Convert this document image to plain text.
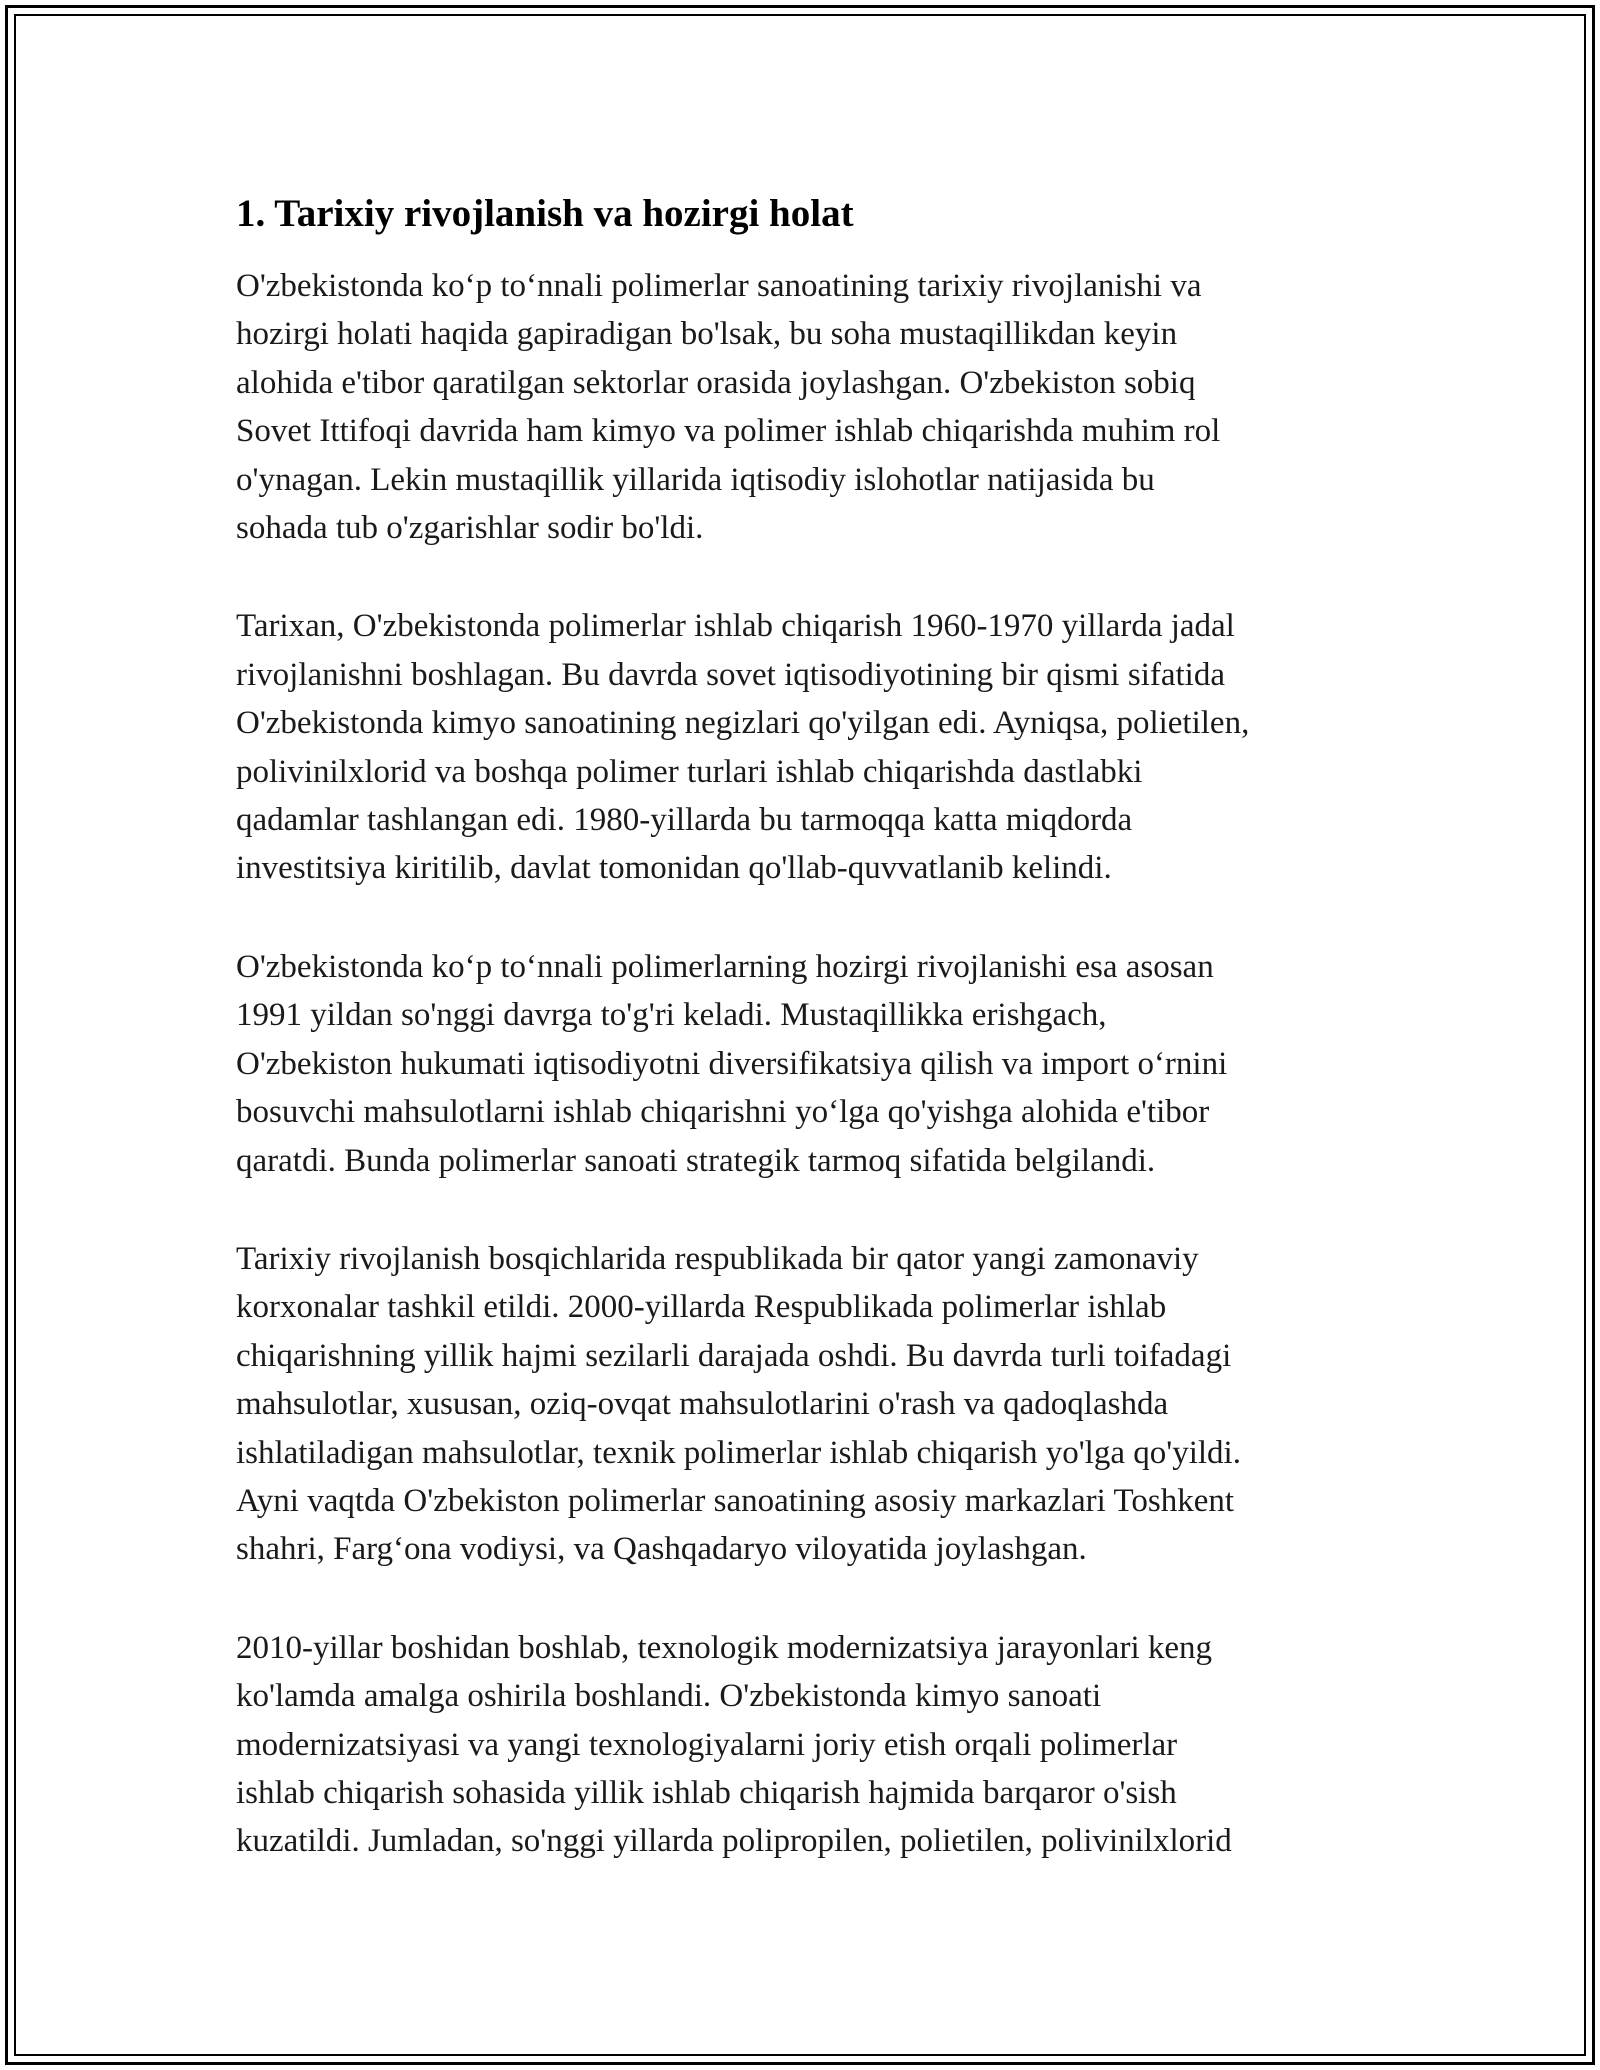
1. Tarixiy rivojlanish va hozirgi holat

O'zbekistonda ko‘p to‘nnali polimerlar sanoatining tarixiy rivojlanishi va
hozirgi holati haqida gapiradigan bo'lsak, bu soha mustaqillikdan keyin
alohida e'tibor qaratilgan sektorlar orasida joylashgan. O'zbekiston sobiq
Sovet Ittifoqi davrida ham kimyo va polimer ishlab chiqarishda muhim rol
o'ynagan. Lekin mustaqillik yillarida iqtisodiy islohotlar natijasida bu
sohada tub o'zgarishlar sodir bo'ldi.

Tarixan, O'zbekistonda polimerlar ishlab chiqarish 1960-1970 yillarda jadal
rivojlanishni boshlagan. Bu davrda sovet iqtisodiyotining bir qismi sifatida
O'zbekistonda kimyo sanoatining negizlari qo'yilgan edi. Ayniqsa, polietilen,
polivinilxlorid va boshqa polimer turlari ishlab chiqarishda dastlabki
qadamlar tashlangan edi. 1980-yillarda bu tarmoqqa katta miqdorda
investitsiya kiritilib, davlat tomonidan qo'llab-quvvatlanib kelindi.

O'zbekistonda ko‘p to‘nnali polimerlarning hozirgi rivojlanishi esa asosan
1991 yildan so'nggi davrga to'g'ri keladi. Mustaqillikka erishgach,
O'zbekiston hukumati iqtisodiyotni diversifikatsiya qilish va import o‘rnini
bosuvchi mahsulotlarni ishlab chiqarishni yo‘lga qo'yishga alohida e'tibor
qaratdi. Bunda polimerlar sanoati strategik tarmoq sifatida belgilandi.

Tarixiy rivojlanish bosqichlarida respublikada bir qator yangi zamonaviy
korxonalar tashkil etildi. 2000-yillarda Respublikada polimerlar ishlab
chiqarishning yillik hajmi sezilarli darajada oshdi. Bu davrda turli toifadagi
mahsulotlar, xususan, oziq-ovqat mahsulotlarini o'rash va qadoqlashda
ishlatiladigan mahsulotlar, texnik polimerlar ishlab chiqarish yo'lga qo'yildi.
Ayni vaqtda O'zbekiston polimerlar sanoatining asosiy markazlari Toshkent
shahri, Farg‘ona vodiysi, va Qashqadaryo viloyatida joylashgan.

2010-yillar boshidan boshlab, texnologik modernizatsiya jarayonlari keng
ko'lamda amalga oshirila boshlandi. O'zbekistonda kimyo sanoati
modernizatsiyasi va yangi texnologiyalarni joriy etish orqali polimerlar
ishlab chiqarish sohasida yillik ishlab chiqarish hajmida barqaror o'sish
kuzatildi. Jumladan, so'nggi yillarda polipropilen, polietilen, polivinilxlorid
